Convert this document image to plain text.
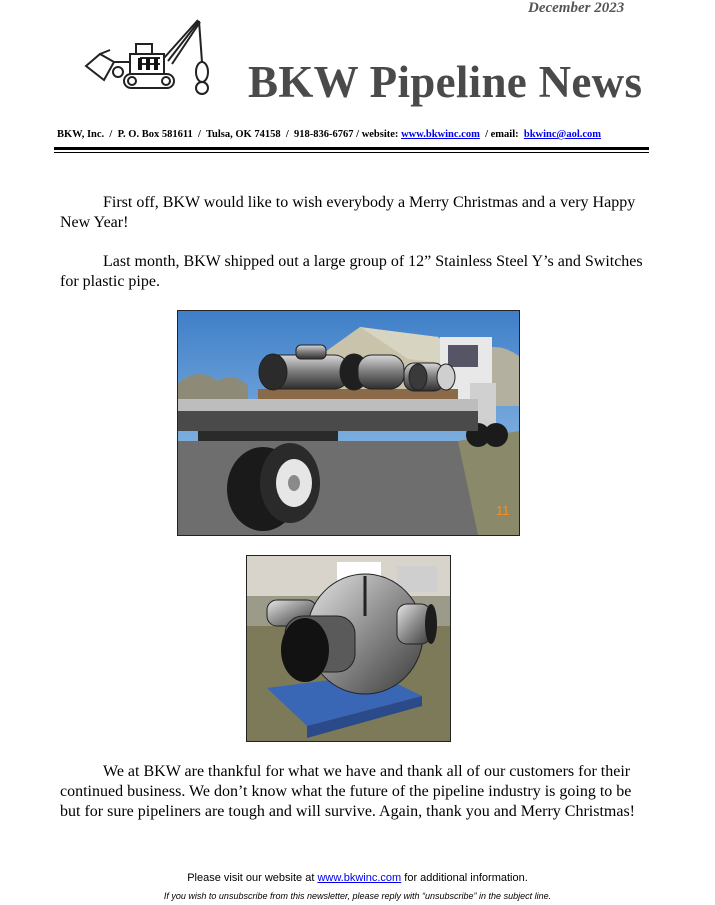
December 2023
BKW Pipeline News
BKW, Inc.  /  P. O. Box 581611  /  Tulsa, OK 74158  /  918-836-6767 / website: www.bkwinc.com  / email: bkwinc@aol.com

First off, BKW would like to wish everybody a Merry Christmas and a very Happy New Year!

Last month, BKW shipped out a large group of 12” Stainless Steel Y’s and Switches for plastic pipe.

11

We at BKW are thankful for what we have and thank all of our customers for their continued business. We don’t know what the future of the pipeline industry is going to be but for sure pipeliners are tough and will survive. Again, thank you and Merry Christmas!

Please visit our website at www.bkwinc.com for additional information.
If you wish to unsubscribe from this newsletter, please reply with “unsubscribe” in the subject line.
